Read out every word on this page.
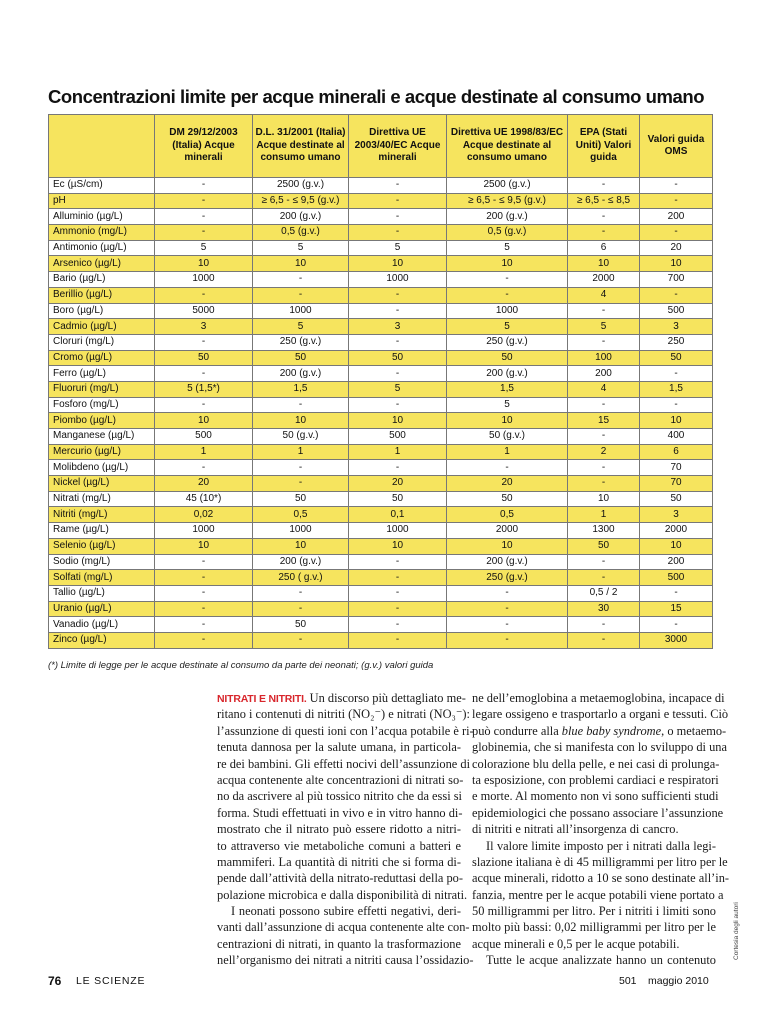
Concentrazioni limite per acque minerali e acque destinate al consumo umano
	DM 29/12/2003 (Italia) Acque minerali	D.L. 31/2001 (Italia) Acque destinate al consumo umano	Direttiva UE 2003/40/EC Acque minerali	Direttiva UE 1998/83/EC Acque destinate al consumo umano	EPA (Stati Uniti) Valori guida	Valori guida OMS
Ec (µS/cm)	-	2500 (g.v.)	-	2500 (g.v.)	-	-
pH	-	≥ 6,5 - ≤ 9,5 (g.v.)	-	≥ 6,5 - ≤ 9,5 (g.v.)	≥ 6,5 - ≤ 8,5	-
Alluminio (µg/L)	-	200 (g.v.)	-	200 (g.v.)	-	200
Ammonio (mg/L)	-	0,5 (g.v.)	-	0,5 (g.v.)	-	-
Antimonio (µg/L)	5	5	5	5	6	20
Arsenico (µg/L)	10	10	10	10	10	10
Bario (µg/L)	1000	-	1000	-	2000	700
Berillio (µg/L)	-	-	-	-	4	-
Boro (µg/L)	5000	1000	-	1000	-	500
Cadmio (µg/L)	3	5	3	5	5	3
Cloruri (mg/L)	-	250 (g.v.)	-	250 (g.v.)	-	250
Cromo (µg/L)	50	50	50	50	100	50
Ferro (µg/L)	-	200 (g.v.)	-	200 (g.v.)	200	-
Fluoruri (mg/L)	5 (1,5*)	1,5	5	1,5	4	1,5
Fosforo (mg/L)	-	-	-	5	-	-
Piombo (µg/L)	10	10	10	10	15	10
Manganese (µg/L)	500	50 (g.v.)	500	50 (g.v.)	-	400
Mercurio (µg/L)	1	1	1	1	2	6
Molibdeno (µg/L)	-	-	-	-	-	70
Nickel (µg/L)	20	-	20	20	-	70
Nitrati (mg/L)	45 (10*)	50	50	50	10	50
Nitriti (mg/L)	0,02	0,5	0,1	0,5	1	3
Rame (µg/L)	1000	1000	1000	2000	1300	2000
Selenio (µg/L)	10	10	10	10	50	10
Sodio (mg/L)	-	200 (g.v.)	-	200 (g.v.)	-	200
Solfati (mg/L)	-	250 ( g.v.)	-	250 (g.v.)	-	500
Tallio (µg/L)	-	-	-	-	0,5 / 2	-
Uranio (µg/L)	-	-	-	-	30	15
Vanadio (µg/L)	-	50	-	-	-	-
Zinco (µg/L)	-	-	-	-	-	3000
(*) Limite di legge per le acque destinate al consumo da parte dei neonati; (g.v.) valori guida
NITRATI E NITRITI. Un discorso più dettagliato me-
ritano i contenuti di nitriti (NO₂⁻) e nitrati (NO₃⁻):
l’assunzione di questi ioni con l’acqua potabile è ri-
tenuta dannosa per la salute umana, in particola-
re dei bambini. Gli effetti nocivi dell’assunzione di
acqua contenente alte concentrazioni di nitrati so-
no da ascrivere al più tossico nitrito che da essi si
forma. Studi effettuati in vivo e in vitro hanno di-
mostrato che il nitrato può essere ridotto a nitri-
to attraverso vie metaboliche comuni a batteri e
mammiferi. La quantità di nitriti che si forma di-
pende dall’attività della nitrato-reduttasi della po-
polazione microbica e dalla disponibilità di nitrati.
I neonati possono subire effetti negativi, deri-
vanti dall’assunzione di acqua contenente alte con-
centrazioni di nitrati, in quanto la trasformazione
nell’organismo dei nitrati a nitriti causa l’ossidazio-
ne dell’emoglobina a metaemoglobina, incapace di
legare ossigeno e trasportarlo a organi e tessuti. Ciò
può condurre alla blue baby syndrome, o metaemo-
globinemia, che si manifesta con lo sviluppo di una
colorazione blu della pelle, e nei casi di prolunga-
ta esposizione, con problemi cardiaci e respiratori
e morte. Al momento non vi sono sufficienti studi
epidemiologici che possano associare l’assunzione
di nitriti e nitrati all’insorgenza di cancro.
Il valore limite imposto per i nitrati dalla legi-
slazione italiana è di 45 milligrammi per litro per le
acque minerali, ridotto a 10 se sono destinate all’in-
fanzia, mentre per le acque potabili viene portato a
50 milligrammi per litro. Per i nitriti i limiti sono
molto più bassi: 0,02 milligrammi per litro per le
acque minerali e 0,5 per le acque potabili.
Tutte le acque analizzate hanno un contenuto
Cortesia degli autori
76 LE SCIENZE	501 maggio 2010
